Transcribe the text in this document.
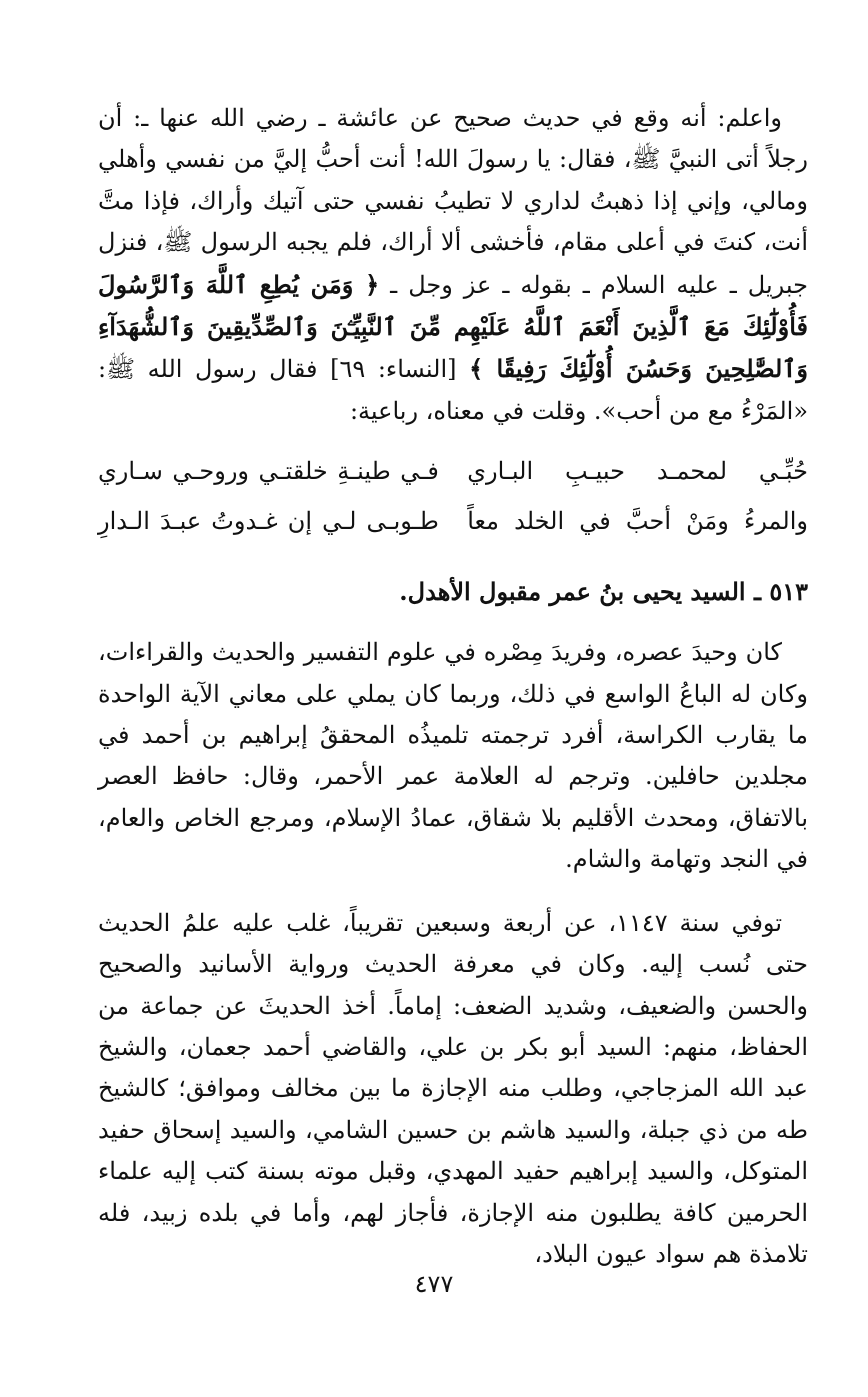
واعلم: أنه وقع في حديث صحيح عن عائشة ـ رضي الله عنها ـ: أن رجلاً أتى النبيَّ ﷺ، فقال: يا رسولَ الله! أنت أحبُّ إليَّ من نفسي وأهلي ومالي، وإني إذا ذهبتُ لداري لا تطيبُ نفسي حتى آتيك وأراك، فإذا متَّ أنت، كنتَ في أعلى مقام، فأخشى ألا أراك، فلم يجبه الرسول ﷺ، فنزل جبريل ـ عليه السلام ـ بقوله ـ عز وجل ـ ﴿ وَمَن يُطِعِ ٱللَّهَ وَٱلرَّسُولَ فَأُوْلَٰٓئِكَ مَعَ ٱلَّذِينَ أَنْعَمَ ٱللَّهُ عَلَيْهِم مِّنَ ٱلنَّبِيِّـۧنَ وَٱلصِّدِّيقِينَ وَٱلشُّهَدَآءِ وَٱلصَّٰلِحِينَ وَحَسُنَ أُوْلَٰٓئِكَ رَفِيقًا ﴾ [النساء: ٦٩] فقال رسول الله ﷺ: «المَرْءُ مع من أحب». وقلت في معناه، رباعية:

حُبِّـي لمحمـد حبيـبِ البـاري
فـي طينـةِ خلقتـي وروحـي سـاري
والمرءُ ومَنْ أحبَّ في الخلد معاً
طـوبـى لـي إن غـدوتُ عبـدَ الـدارِ
٥١٣ ـ السيد يحيى بنُ عمر مقبول الأهدل.

كان وحيدَ عصره، وفريدَ مِصْره في علوم التفسير والحديث والقراءات، وكان له الباعُ الواسع في ذلك، وربما كان يملي على معاني الآية الواحدة ما يقارب الكراسة، أفرد ترجمته تلميذُه المحققُ إبراهيم بن أحمد في مجلدين حافلين. وترجم له العلامة عمر الأحمر، وقال: حافظ العصر بالاتفاق، ومحدث الأقليم بلا شقاق، عمادُ الإسلام، ومرجع الخاص والعام، في النجد وتهامة والشام.

توفي سنة ١١٤٧، عن أربعة وسبعين تقريباً، غلب عليه علمُ الحديث حتى نُسب إليه. وكان في معرفة الحديث ورواية الأسانيد والصحيح والحسن والضعيف، وشديد الضعف: إماماً. أخذ الحديثَ عن جماعة من الحفاظ، منهم: السيد أبو بكر بن علي، والقاضي أحمد جعمان، والشيخ عبد الله المزجاجي، وطلب منه الإجازة ما بين مخالف وموافق؛ كالشيخ طه من ذي جبلة، والسيد هاشم بن حسين الشامي، والسيد إسحاق حفيد المتوكل، والسيد إبراهيم حفيد المهدي، وقبل موته بسنة كتب إليه علماء الحرمين كافة يطلبون منه الإجازة، فأجاز لهم، وأما في بلده زبيد، فله تلامذة هم سواد عيون البلاد،

٤٧٧
